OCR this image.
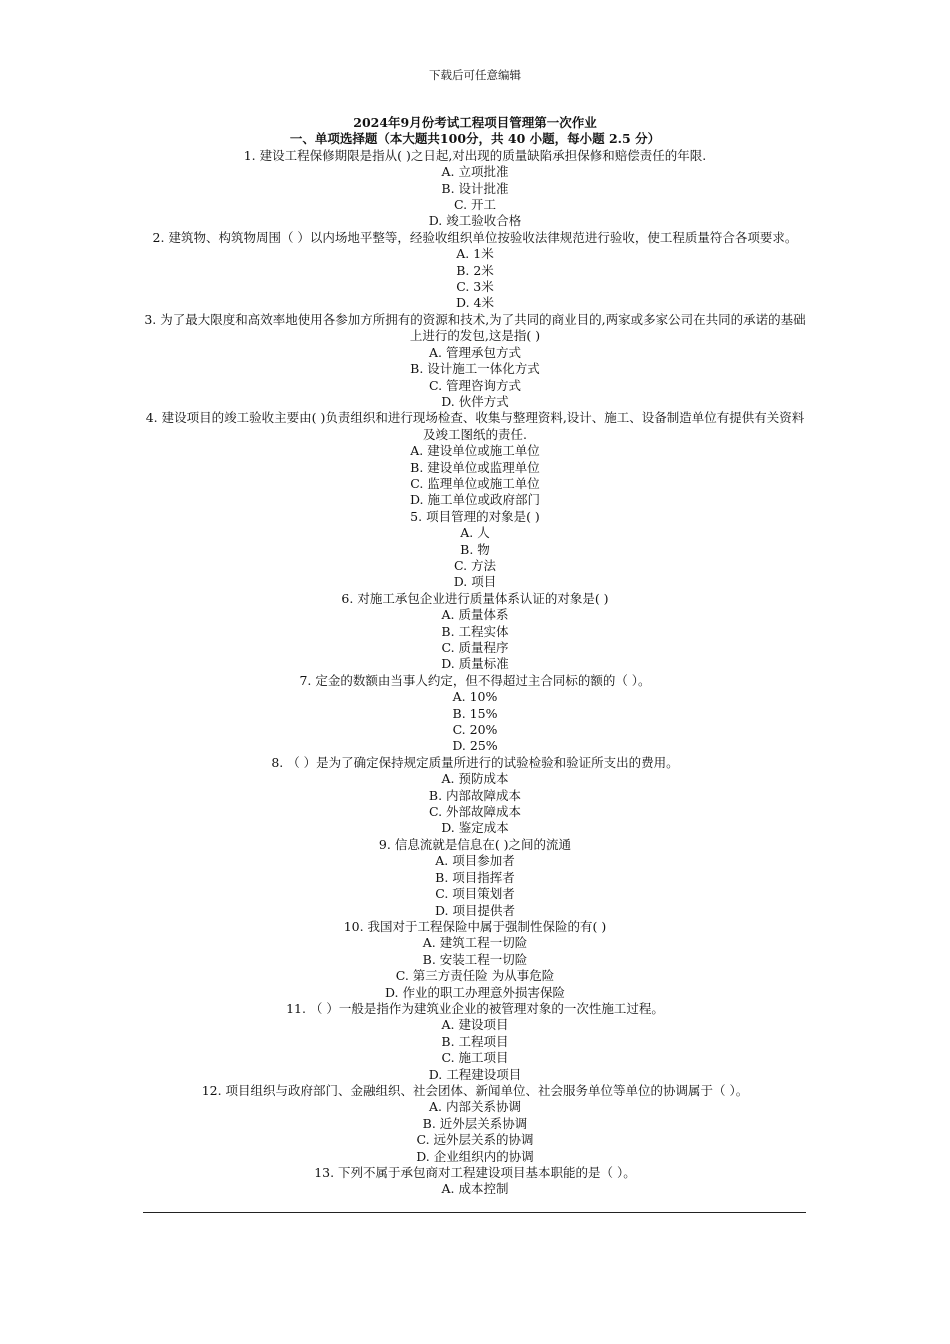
下载后可任意编辑
2024年9月份考试工程项目管理第一次作业
一、单项选择题（本大题共100分，共 40 小题，每小题 2.5 分）
1. 建设工程保修期限是指从( )之日起,对出现的质量缺陷承担保修和赔偿责任的年限.
A. 立项批准
B. 设计批准
C. 开工
D. 竣工验收合格
2. 建筑物、构筑物周围（ ）以内场地平整等，经验收组织单位按验收法律规范进行验收，使工程质量符合各项要求。
A. 1米
B. 2米
C. 3米
D. 4米
3. 为了最大限度和高效率地使用各参加方所拥有的资源和技术,为了共同的商业目的,两家或多家公司在共同的承诺的基础上进行的发包,这是指( )
A. 管理承包方式
B. 设计施工一体化方式
C. 管理咨询方式
D. 伙伴方式
4. 建设项目的竣工验收主要由( )负责组织和进行现场检查、收集与整理资料,设计、施工、设备制造单位有提供有关资料及竣工图纸的责任.
A. 建设单位或施工单位
B. 建设单位或监理单位
C. 监理单位或施工单位
D. 施工单位或政府部门
5. 项目管理的对象是( )
A. 人
B. 物
C. 方法
D. 项目
6. 对施工承包企业进行质量体系认证的对象是( )
A. 质量体系
B. 工程实体
C. 质量程序
D. 质量标准
7. 定金的数额由当事人约定，但不得超过主合同标的额的（ ）。
A. 10%
B. 15%
C. 20%
D. 25%
8. （ ）是为了确定保持规定质量所进行的试验检验和验证所支出的费用。
A. 预防成本
B. 内部故障成本
C. 外部故障成本
D. 鉴定成本
9. 信息流就是信息在( )之间的流通
A. 项目参加者
B. 项目指挥者
C. 项目策划者
D. 项目提供者
10. 我国对于工程保险中属于强制性保险的有( )
A. 建筑工程一切险
B. 安装工程一切险
C. 第三方责任险 为从事危险
D. 作业的职工办理意外损害保险
11. （ ）一般是指作为建筑业企业的被管理对象的一次性施工过程。
A. 建设项目
B. 工程项目
C. 施工项目
D. 工程建设项目
12. 项目组织与政府部门、金融组织、社会团体、新闻单位、社会服务单位等单位的协调属于（ ）。
A. 内部关系协调
B. 近外层关系协调
C. 远外层关系的协调
D. 企业组织内的协调
13. 下列不属于承包商对工程建设项目基本职能的是（ ）。
A. 成本控制
